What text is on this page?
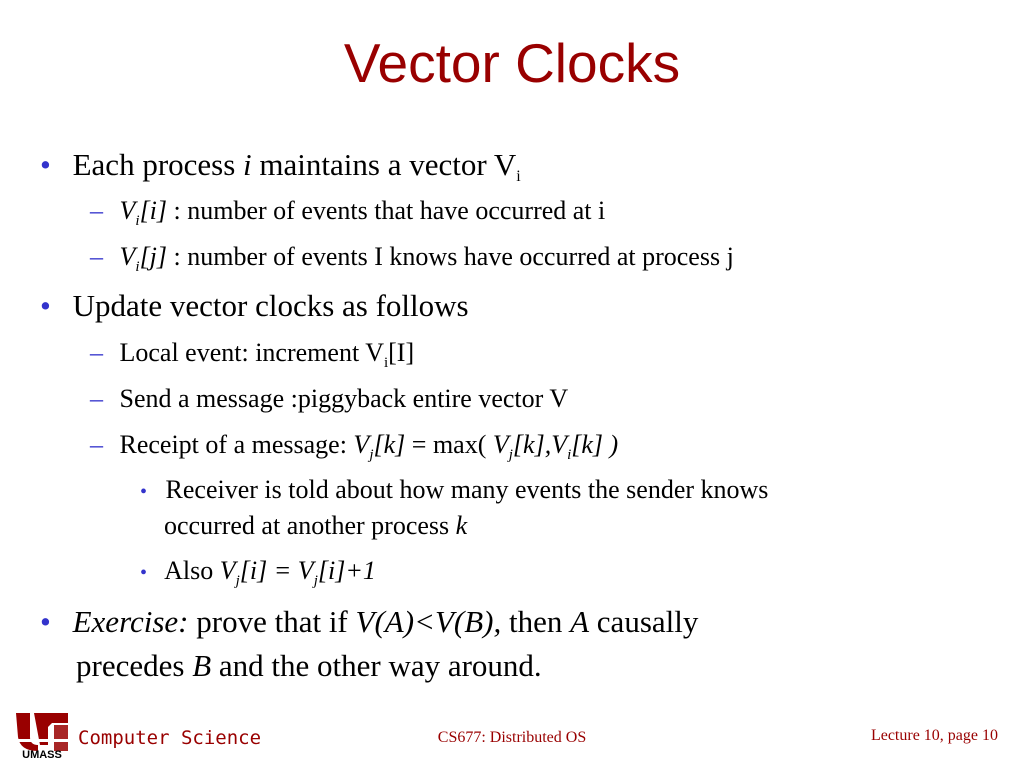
Vector Clocks
• Each process i maintains a vector $V_i$
– $V_i[i]$ : number of events that have occurred at i
– $V_i[j]$ : number of events I knows have occurred at process j
• Update vector clocks as follows
– Local event: increment $V_i[I]$
– Send a message :piggyback entire vector V
– Receipt of a message: $V_j[k] = \max$( $V_j[k],V_i[k]$ )
• Receiver is told about how many events the sender knows
occurred at another process k
• Also $V_j[i] = V_j[i]+1$
• Exercise: prove that if V(A)<V(B), then A causally
precedes B and the other way around.
UMASS
Computer Science	CS677: Distributed OS	Lecture 10, page 10
